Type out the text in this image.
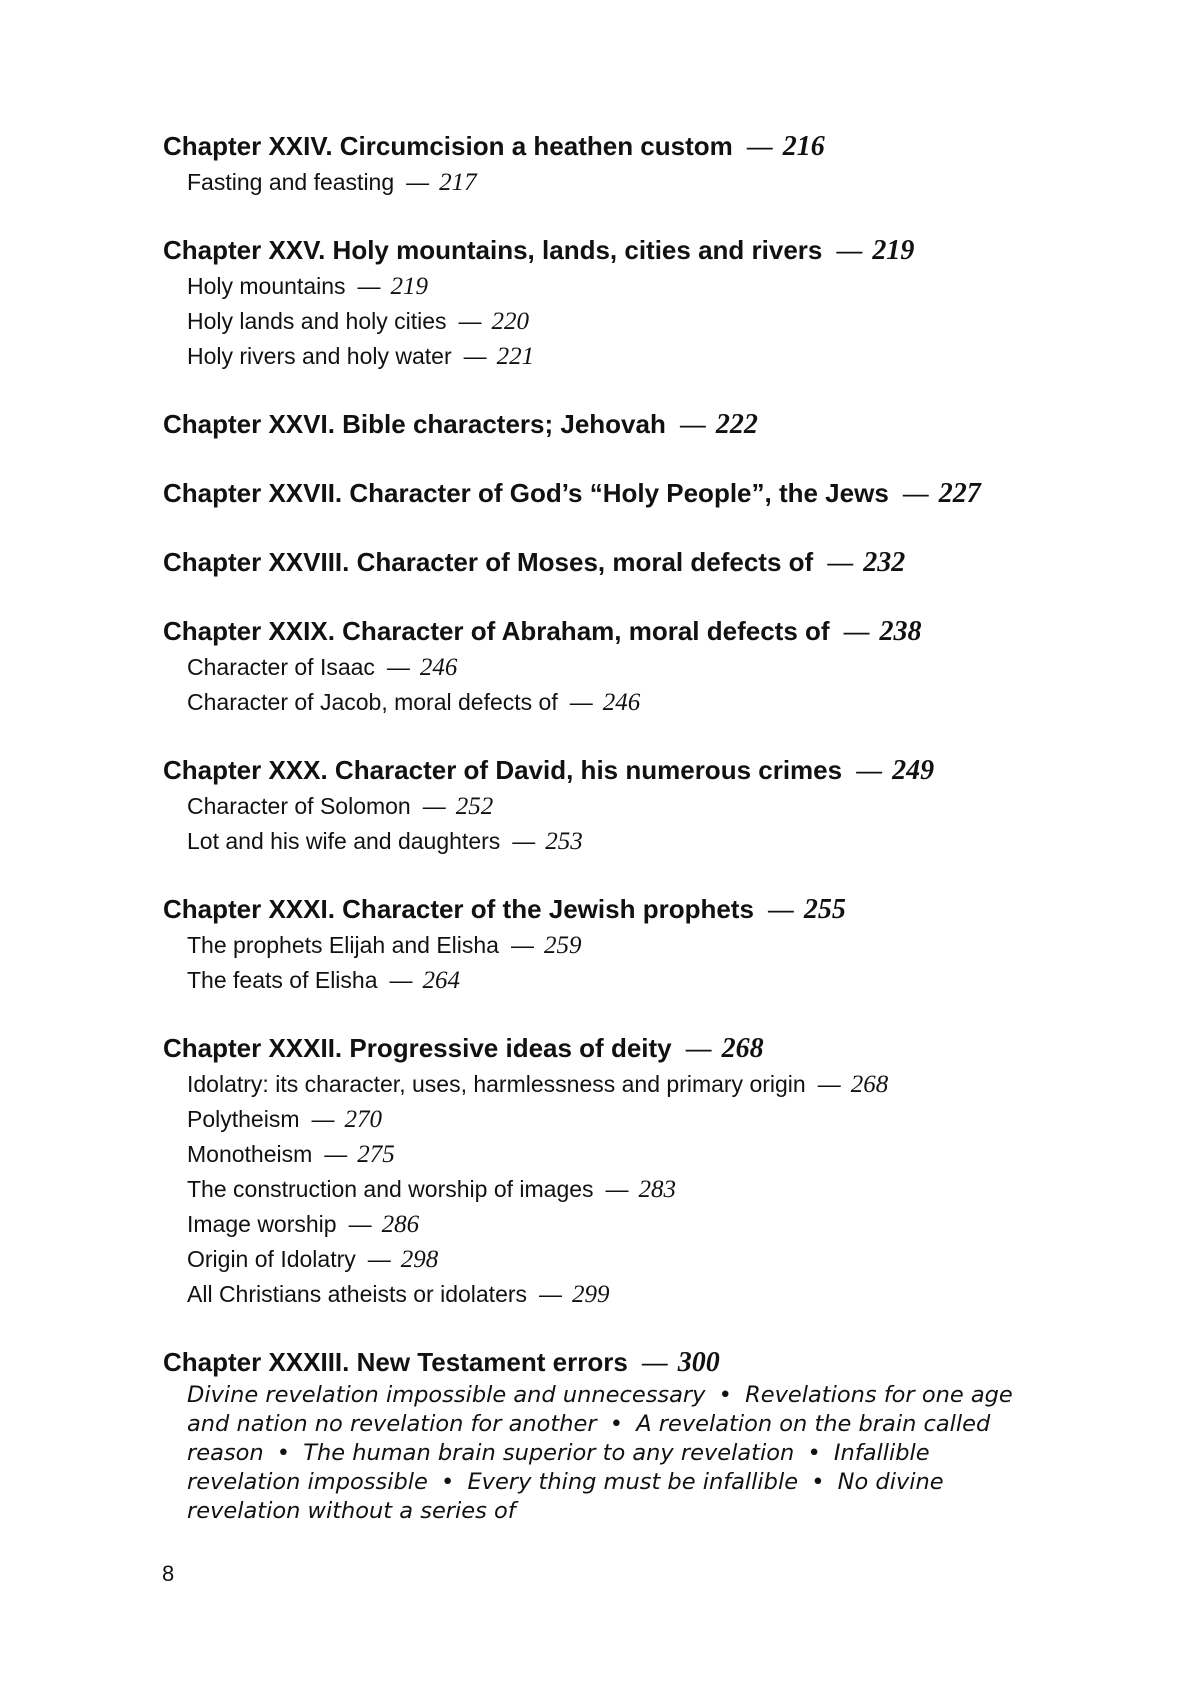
Chapter XXIV. Circumcision a heathen custom — 216
Fasting and feasting — 217
Chapter XXV. Holy mountains, lands, cities and rivers — 219
Holy mountains — 219
Holy lands and holy cities — 220
Holy rivers and holy water — 221
Chapter XXVI. Bible characters; Jehovah — 222
Chapter XXVII. Character of God’s “Holy People”, the Jews — 227
Chapter XXVIII. Character of Moses, moral defects of — 232
Chapter XXIX. Character of Abraham, moral defects of — 238
Character of Isaac — 246
Character of Jacob, moral defects of — 246
Chapter XXX. Character of David, his numerous crimes — 249
Character of Solomon — 252
Lot and his wife and daughters — 253
Chapter XXXI. Character of the Jewish prophets — 255
The prophets Elijah and Elisha — 259
The feats of Elisha — 264
Chapter XXXII. Progressive ideas of deity — 268
Idolatry: its character, uses, harmlessness and primary origin — 268
Polytheism — 270
Monotheism — 275
The construction and worship of images — 283
Image worship — 286
Origin of Idolatry — 298
All Christians atheists or idolaters — 299
Chapter XXXIII. New Testament errors — 300
Divine revelation impossible and unnecessary • Revelations for one age and nation no revelation for another • A revelation on the brain called reason • The human brain superior to any revelation • Infallible revelation impossible • Every thing must be infallible • No divine revelation without a series of
8
